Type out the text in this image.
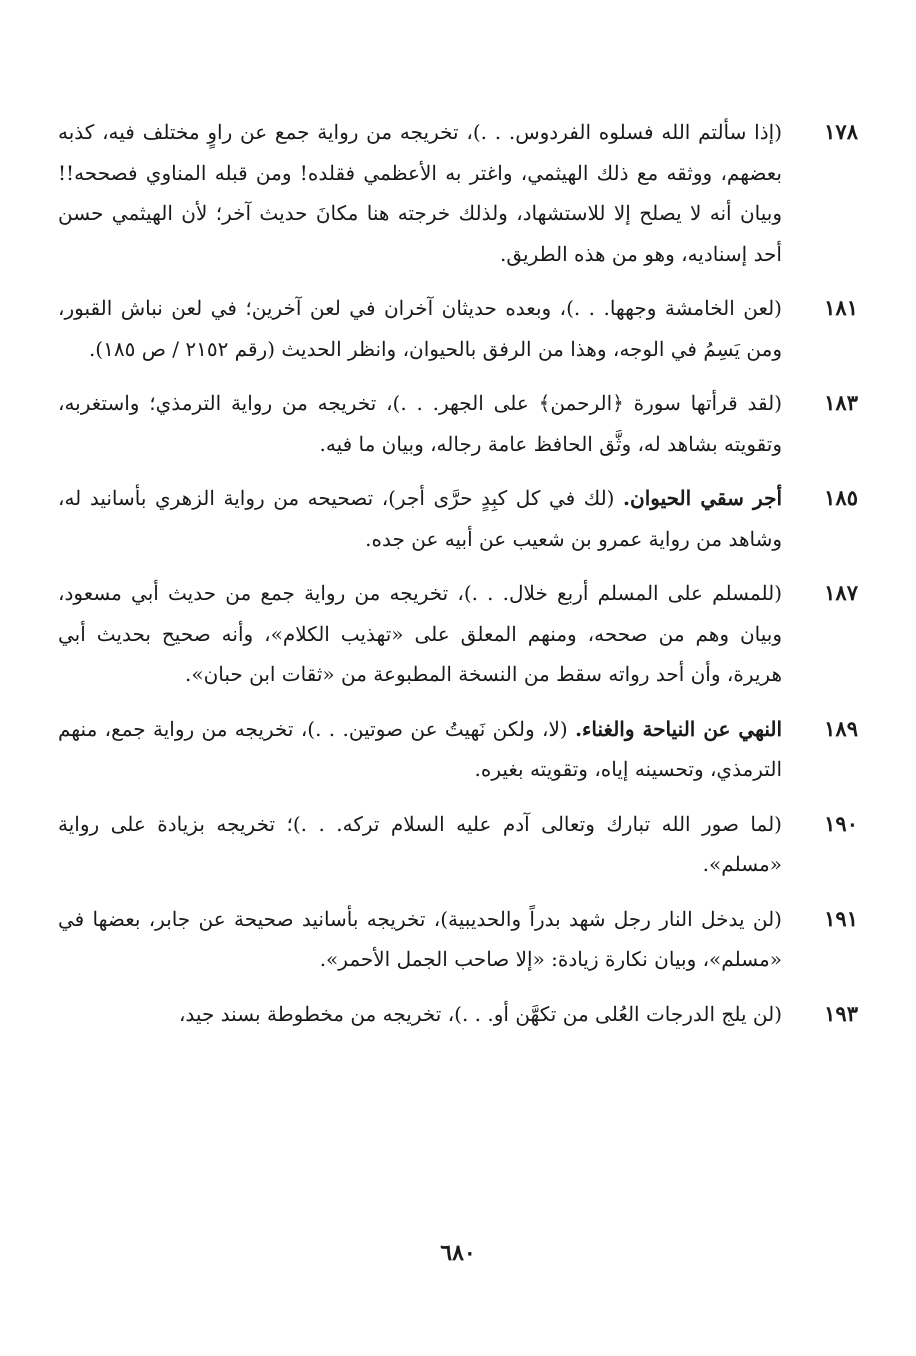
١٧٨
(إذا سألتم الله فسلوه الفردوس. . .)، تخريجه من رواية جمع عن راوٍ مختلف فيه، كذبه بعضهم، ووثقه مع ذلك الهيثمي، واغتر به الأعظمي فقلده! ومن قبله المناوي فصححه!! وبيان أنه لا يصلح إلا للاستشهاد، ولذلك خرجته هنا مكانَ حديث آخر؛ لأن الهيثمي حسن أحد إسناديه، وهو من هذه الطريق.
١٨١
(لعن الخامشة وجهها. . .)، وبعده حديثان آخران في لعن آخرين؛ في لعن نباش القبور، ومن يَسِمُ في الوجه، وهذا من الرفق بالحيوان، وانظر الحديث (رقم ٢١٥٢ / ص ١٨٥).
١٨٣
(لقد قرأتها سورة ﴿الرحمن﴾ على الجهر. . .)، تخريجه من رواية الترمذي؛ واستغربه، وتقويته بشاهد له، وثَّق الحافظ عامة رجاله، وبيان ما فيه.
١٨٥
أجر سقي الحيوان. (لك في كل كبِدٍ حرَّى أجر)، تصحيحه من رواية الزهري بأسانيد له، وشاهد من رواية عمرو بن شعيب عن أبيه عن جده.
١٨٧
(للمسلم على المسلم أربع خلال. . .)، تخريجه من رواية جمع من حديث أبي مسعود، وبيان وهم من صححه، ومنهم المعلق على «تهذيب الكلام»، وأنه صحيح بحديث أبي هريرة، وأن أحد رواته سقط من النسخة المطبوعة من «ثقات ابن حبان».
١٨٩
النهي عن النياحة والغناء. (لا، ولكن نَهيتُ عن صوتين. . .)، تخريجه من رواية جمع، منهم الترمذي، وتحسينه إياه، وتقويته بغيره.
١٩٠
(لما صور الله تبارك وتعالى آدم عليه السلام تركه. . .)؛ تخريجه بزيادة على رواية «مسلم».
١٩١
(لن يدخل النار رجل شهد بدراً والحديبية)، تخريجه بأسانيد صحيحة عن جابر، بعضها في «مسلم»، وبيان نكارة زيادة: «إلا صاحب الجمل الأحمر».
١٩٣
(لن يلج الدرجات العُلى من تكهَّن أو. . .)، تخريجه من مخطوطة بسند جيد،
٦٨٠
